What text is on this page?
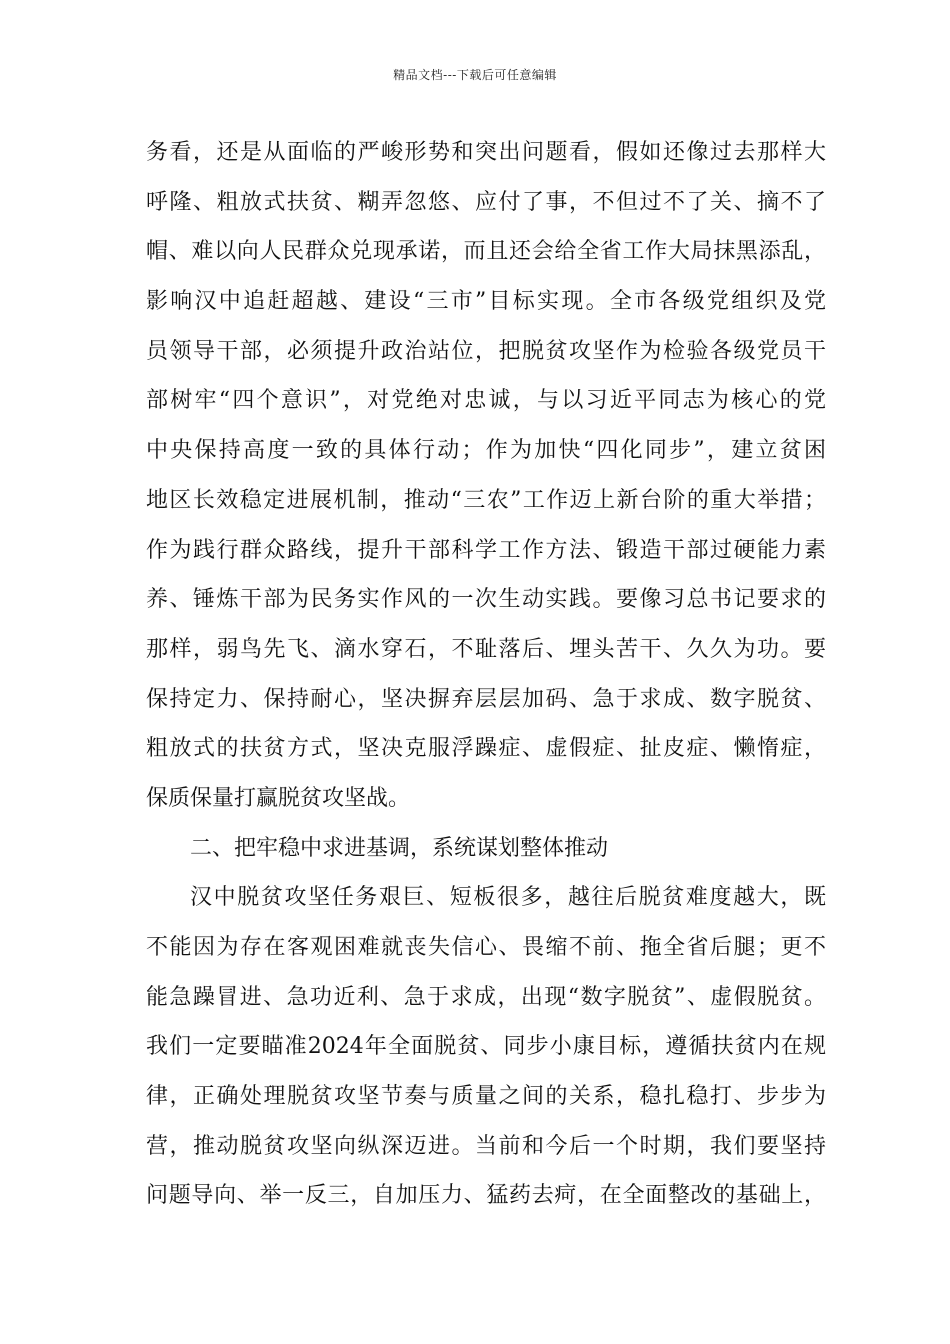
精品文档---下载后可任意编辑
务看，还是从面临的严峻形势和突出问题看，假如还像过去那样大
呼隆、粗放式扶贫、糊弄忽悠、应付了事，不但过不了关、摘不了
帽、难以向人民群众兑现承诺，而且还会给全省工作大局抹黑添乱，
影响汉中追赶超越、建设“三市”目标实现。全市各级党组织及党
员领导干部，必须提升政治站位，把脱贫攻坚作为检验各级党员干
部树牢“四个意识”，对党绝对忠诚，与以习近平同志为核心的党
中央保持高度一致的具体行动；作为加快“四化同步”，建立贫困
地区长效稳定进展机制，推动“三农”工作迈上新台阶的重大举措；
作为践行群众路线，提升干部科学工作方法、锻造干部过硬能力素
养、锤炼干部为民务实作风的一次生动实践。要像习总书记要求的
那样，弱鸟先飞、滴水穿石，不耻落后、埋头苦干、久久为功。要
保持定力、保持耐心，坚决摒弃层层加码、急于求成、数字脱贫、
粗放式的扶贫方式，坚决克服浮躁症、虚假症、扯皮症、懒惰症，
保质保量打赢脱贫攻坚战。
二、把牢稳中求进基调，系统谋划整体推动
汉中脱贫攻坚任务艰巨、短板很多，越往后脱贫难度越大，既
不能因为存在客观困难就丧失信心、畏缩不前、拖全省后腿；更不
能急躁冒进、急功近利、急于求成，出现“数字脱贫”、虚假脱贫。
我们一定要瞄准2024年全面脱贫、同步小康目标，遵循扶贫内在规
律，正确处理脱贫攻坚节奏与质量之间的关系，稳扎稳打、步步为
营，推动脱贫攻坚向纵深迈进。当前和今后一个时期，我们要坚持
问题导向、举一反三，自加压力、猛药去疴，在全面整改的基础上，
